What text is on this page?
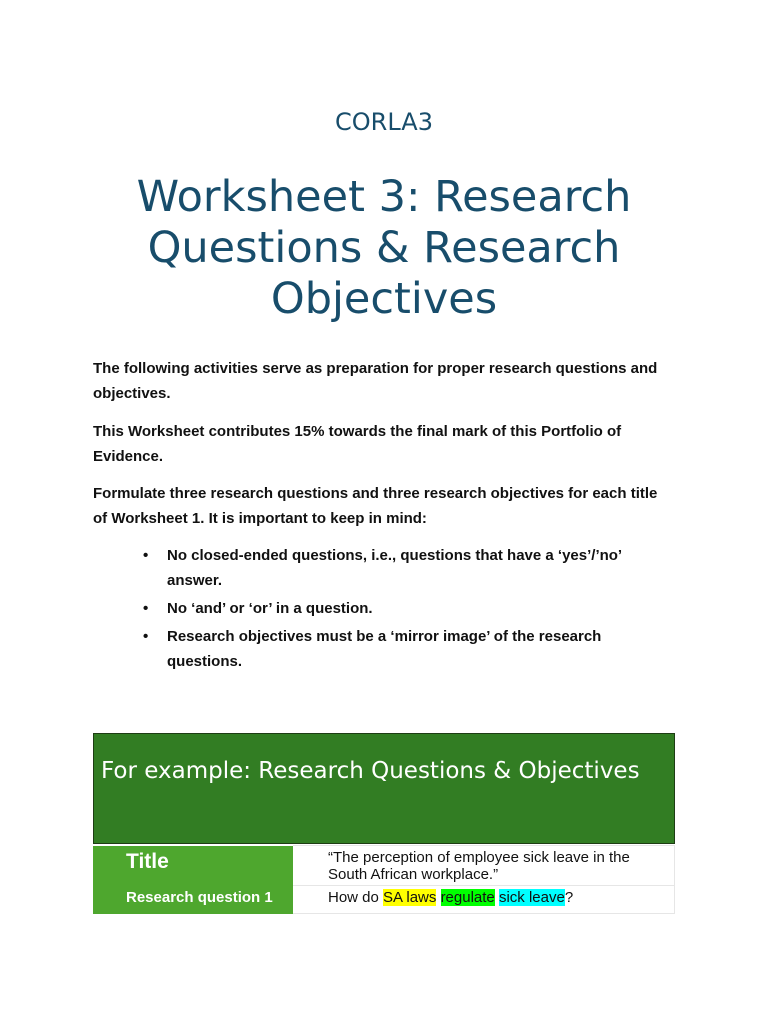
CORLA3
Worksheet 3: Research Questions & Research Objectives
The following activities serve as preparation for proper research questions and objectives.
This Worksheet contributes 15% towards the final mark of this Portfolio of Evidence.
Formulate three research questions and three research objectives for each title of Worksheet 1. It is important to keep in mind:
• No closed-ended questions, i.e., questions that have a ‘yes’/’no’ answer.
• No ‘and’ or ‘or’ in a question.
• Research objectives must be a ‘mirror image’ of the research questions.
For example: Research Questions & Objectives
Title	“The perception of employee sick leave in the South African workplace.”

Research question 1	How do SA laws regulate sick leave?
